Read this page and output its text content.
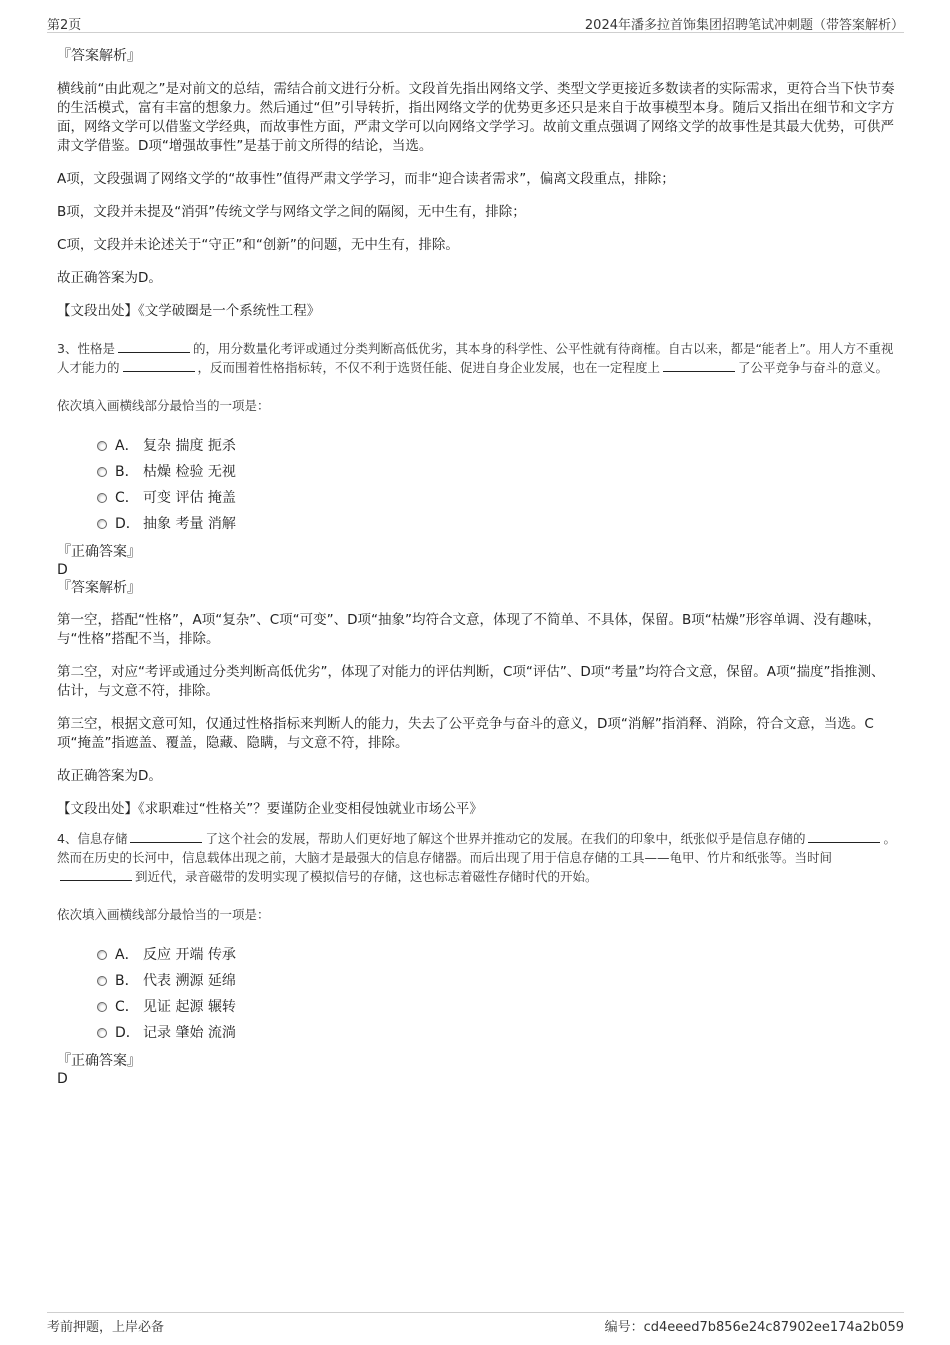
第2页	2024年潘多拉首饰集团招聘笔试冲刺题（带答案解析）

『答案解析』

横线前“由此观之”是对前文的总结，需结合前文进行分析。文段首先指出网络文学、类型文学更接近多数读者的实际需求，更符合当下快节奏的生活模式，富有丰富的想象力。然后通过“但”引导转折，指出网络文学的优势更多还只是来自于故事模型本身。随后又指出在细节和文字方面，网络文学可以借鉴文学经典，而故事性方面，严肃文学可以向网络文学学习。故前文重点强调了网络文学的故事性是其最大优势，可供严肃文学借鉴。D项“增强故事性”是基于前文所得的结论，当选。

A项，文段强调了网络文学的“故事性”值得严肃文学学习，而非“迎合读者需求”，偏离文段重点，排除；

B项，文段并未提及“消弭”传统文学与网络文学之间的隔阂，无中生有，排除；

C项，文段并未论述关于“守正”和“创新”的问题，无中生有，排除。

故正确答案为D。

【文段出处】《文学破圈是一个系统性工程》

3、性格是	的，用分数量化考评或通过分类判断高低优劣，其本身的科学性、公平性就有待商榷。自古以来，都是“能者上”。用人方不重视人才能力的	，反而围着性格指标转，不仅不利于选贤任能、促进自身企业发展，也在一定程度上	了公平竞争与奋斗的意义。

依次填入画横线部分最恰当的一项是：

A． 复杂 揣度 扼杀
B． 枯燥 检验 无视
C． 可变 评估 掩盖
D． 抽象 考量 消解

『正确答案』

D

『答案解析』

第一空，搭配“性格”，A项“复杂”、C项“可变”、D项“抽象”均符合文意，体现了不简单、不具体，保留。B项“枯燥”形容单调、没有趣味，与“性格”搭配不当，排除。

第二空，对应“考评或通过分类判断高低优劣”，体现了对能力的评估判断，C项“评估”、D项“考量”均符合文意，保留。A项“揣度”指推测、估计，与文意不符，排除。

第三空，根据文意可知，仅通过性格指标来判断人的能力，失去了公平竞争与奋斗的意义，D项“消解”指消释、消除，符合文意，当选。C项“掩盖”指遮盖、覆盖，隐藏、隐瞒，与文意不符，排除。

故正确答案为D。

【文段出处】《求职难过“性格关”？要谨防企业变相侵蚀就业市场公平》

4、信息存储	了这个社会的发展，帮助人们更好地了解这个世界并推动它的发展。在我们的印象中，纸张似乎是信息存储的	。然而在历史的长河中，信息载体出现之前，大脑才是最强大的信息存储器。而后出现了用于信息存储的工具——龟甲、竹片和纸张等。当时间到近代，录音磁带的发明实现了模拟信号的存储，这也标志着磁性存储时代的开始。

依次填入画横线部分最恰当的一项是：

A． 反应 开端 传承
B． 代表 溯源 延绵
C． 见证 起源 辗转
D． 记录 肇始 流淌

『正确答案』

D

考前押题，上岸必备	编号：cd4eeed7b856e24c87902ee174a2b059
